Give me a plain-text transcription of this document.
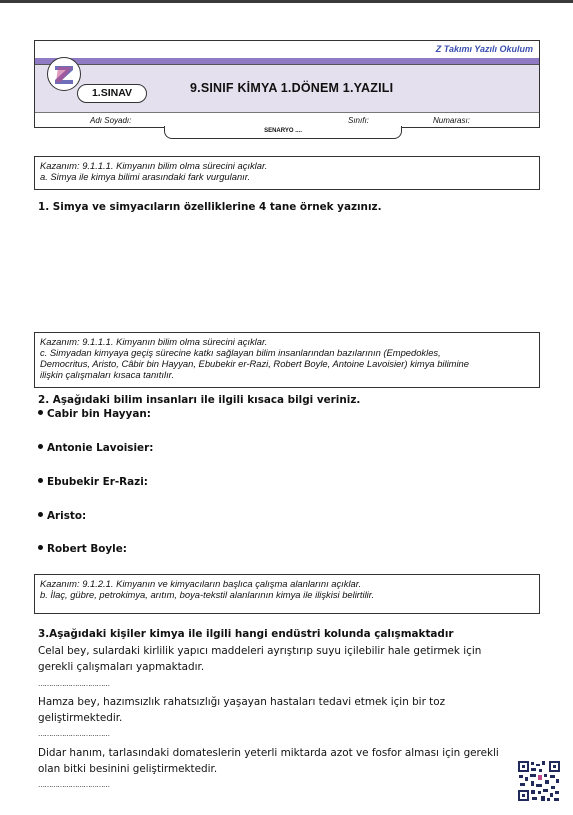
Z Takımı Yazılı Okulum
1.SINAV	9.SINIF KİMYA 1.DÖNEM 1.YAZILI
Adı Soyadı:	Sınıfı:	Numarası:
SENARYO ....

Kazanım: 9.1.1.1. Kimyanın bilim olma sürecini açıklar.

a. Simya ile kimya bilimi arasındaki fark vurgulanır.

1. Simya ve simyacıların özelliklerine 4 tane örnek yazınız.

Kazanım: 9.1.1.1. Kimyanın bilim olma sürecini açıklar.

c. Simyadan kimyaya geçiş sürecine katkı sağlayan bilim insanlarından bazılarının (Empedokles,

Democritus, Aristo, Câbir bin Hayyan, Ebubekir er-Razi, Robert Boyle, Antoine Lavoisier) kimya bilimine

ilişkin çalışmaları kısaca tanıtılır.

2. Aşağıdaki bilim insanları ile ilgili kısaca bilgi veriniz.
Cabir bin Hayyan:
Antonie Lavoisier:
Ebubekir Er-Razi:
Aristo:
Robert Boyle:

Kazanım: 9.1.2.1. Kimyanın ve kimyacıların başlıca çalışma alanlarını açıklar.

b. İlaç, gübre, petrokimya, arıtım, boya-tekstil alanlarının kimya ile ilişkisi belirtilir.

3.Aşağıdaki kişiler kimya ile ilgili hangi endüstri kolunda çalışmaktadır
Celal bey, sulardaki kirlilik yapıcı maddeleri ayrıştırıp suyu içilebilir hale getirmek için
gerekli çalışmaları yapmaktadır.
……………………………
Hamza bey, hazımsızlık rahatsızlığı yaşayan hastaları tedavi etmek için bir toz
geliştirmektedir.
……………………………
Didar hanım, tarlasındaki domateslerin yeterli miktarda azot ve fosfor alması için gerekli
olan bitki besinini geliştirmektedir.
……………………………
